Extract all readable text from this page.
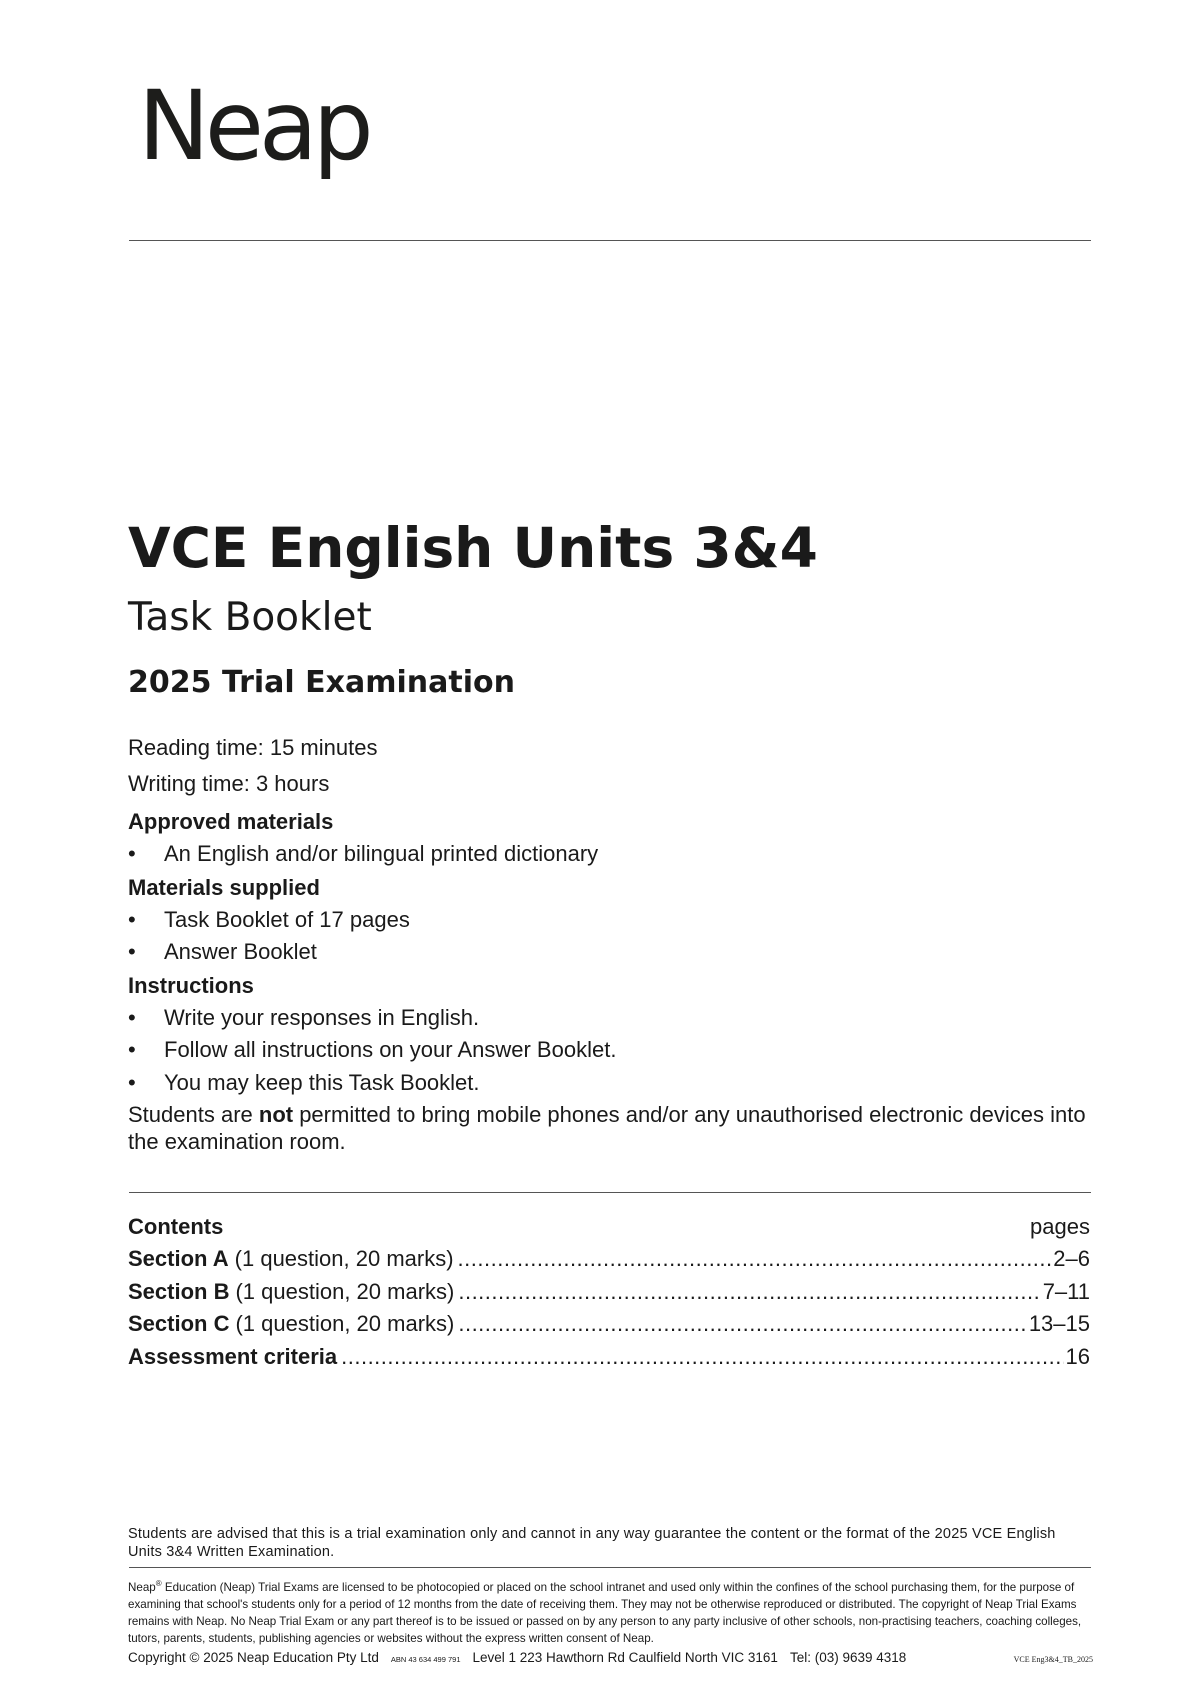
Neap
VCE English Units 3&4
Task Booklet
2025 Trial Examination
Reading time: 15 minutes
Writing time: 3 hours
Approved materials
• An English and/or bilingual printed dictionary
Materials supplied
• Task Booklet of 17 pages
• Answer Booklet
Instructions
• Write your responses in English.
• Follow all instructions on your Answer Booklet.
• You may keep this Task Booklet.
Students are not permitted to bring mobile phones and/or any unauthorised electronic devices into the examination room.
Contents	pages
Section A (1 question, 20 marks) .....	2–6
Section B (1 question, 20 marks) .....	7–11
Section C (1 question, 20 marks) .....	13–15
Assessment criteria .....	16
Students are advised that this is a trial examination only and cannot in any way guarantee the content or the format of the 2025 VCE English Units 3&4 Written Examination.
Neap® Education (Neap) Trial Exams are licensed to be photocopied or placed on the school intranet and used only within the confines of the school purchasing them, for the purpose of examining that school's students only for a period of 12 months from the date of receiving them. They may not be otherwise reproduced or distributed. The copyright of Neap Trial Exams remains with Neap. No Neap Trial Exam or any part thereof is to be issued or passed on by any person to any party inclusive of other schools, non-practising teachers, coaching colleges, tutors, parents, students, publishing agencies or websites without the express written consent of Neap.
Copyright © 2025 Neap Education Pty Ltd ABN 43 634 499 791 Level 1 223 Hawthorn Rd Caulfield North VIC 3161 Tel: (03) 9639 4318	VCE Eng3&4_TB_2025
